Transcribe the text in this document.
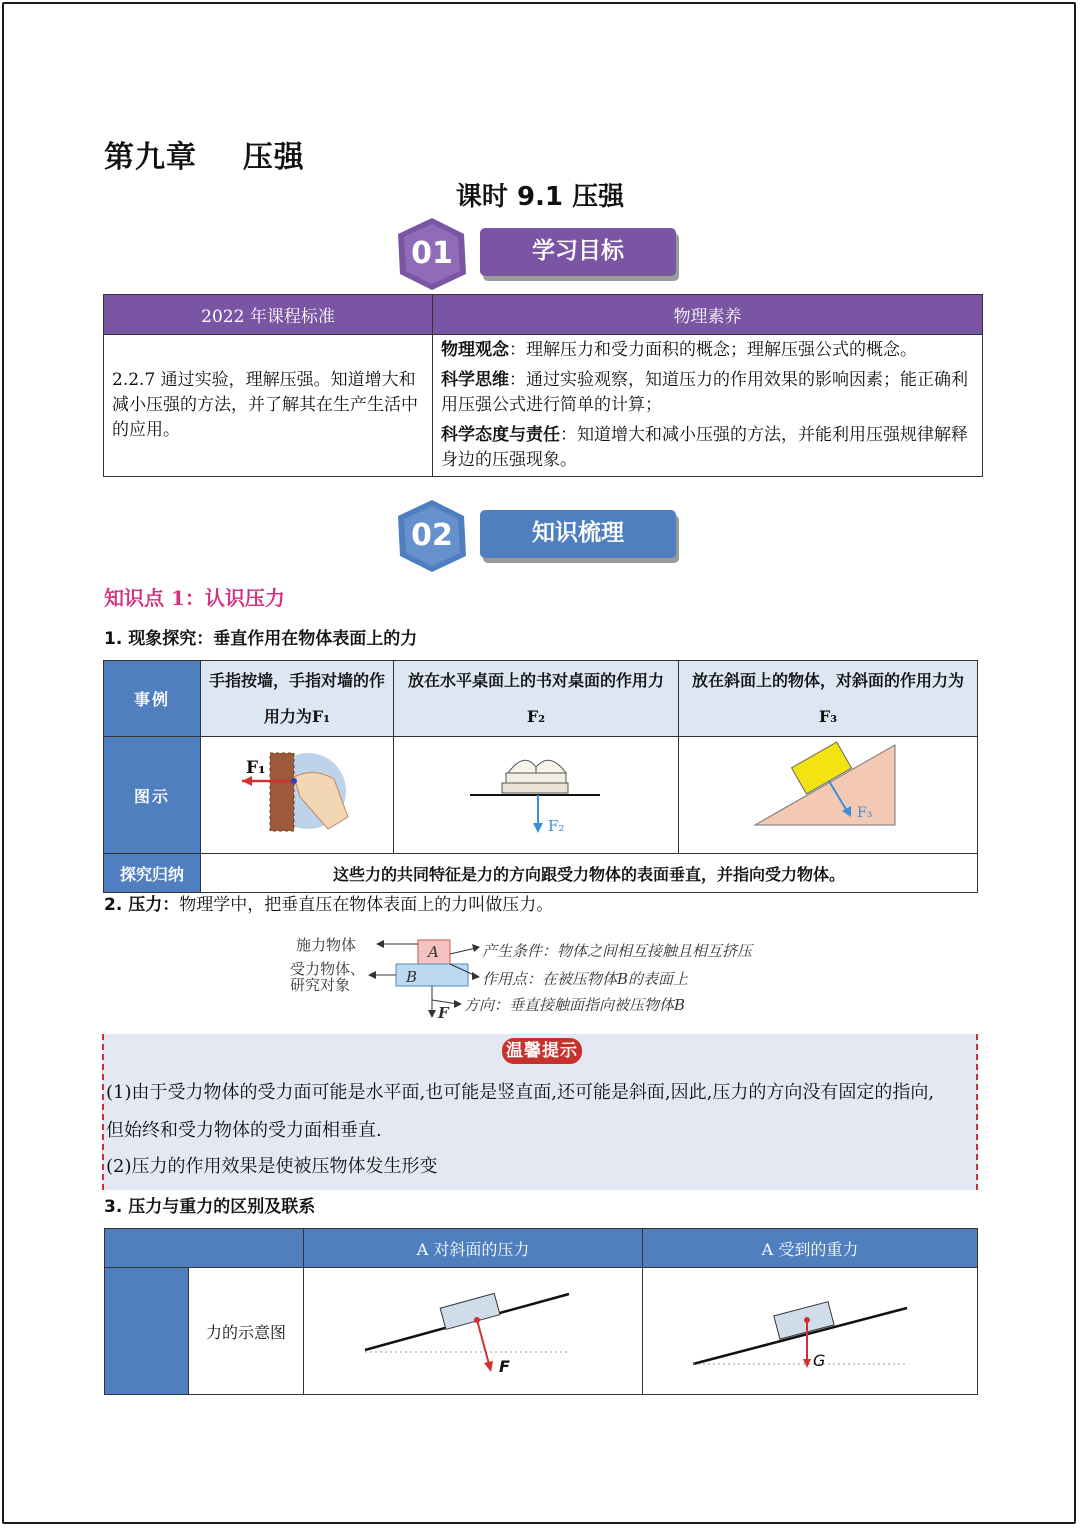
第九章    压强
课时 9.1 压强
01	学习目标
2022 年课程标准	物理素养
2.2.7 通过实验，理解压强。知道增大和减小压强的方法，并了解其在生产生活中的应用。	物理观念：理解压力和受力面积的概念；理解压强公式的概念。

科学思维：通过实验观察，知道压力的作用效果的影响因素；能正确利用压强公式进行简单的计算；

科学态度与责任：知道增大和减小压强的方法，并能利用压强规律解释身边的压强现象。

02	知识梳理
知识点 1：认识压力
1. 现象探究：垂直作用在物体表面上的力
事例	手指按墙，手指对墙的作用力为F₁	放在水平桌面上的书对桌面的作用力F₂	放在斜面上的物体，对斜面的作用力为F₃
图示	F₁	F₂	F₃

探究归纳	这些力的共同特征是力的方向跟受力物体的表面垂直，并指向受力物体。		
2. 压力：物理学中，把垂直压在物体表面上的力叫做压力。
A
B
F
施力物体
受力物体、
研究对象
产生条件：物体之间相互接触且相互挤压
作用点：在被压物体B的表面上
方向：垂直接触面指向被压物体B
温馨提示
(1)由于受力物体的受力面可能是水平面,也可能是竖直面,还可能是斜面,因此,压力的方向没有固定的指向,
但始终和受力物体的受力面相垂直.
(2)压力的作用效果是使被压物体发生形变
3. 压力与重力的区别及联系
		A 对斜面的压力	A 受到的重力
	力的示意图	F	G
